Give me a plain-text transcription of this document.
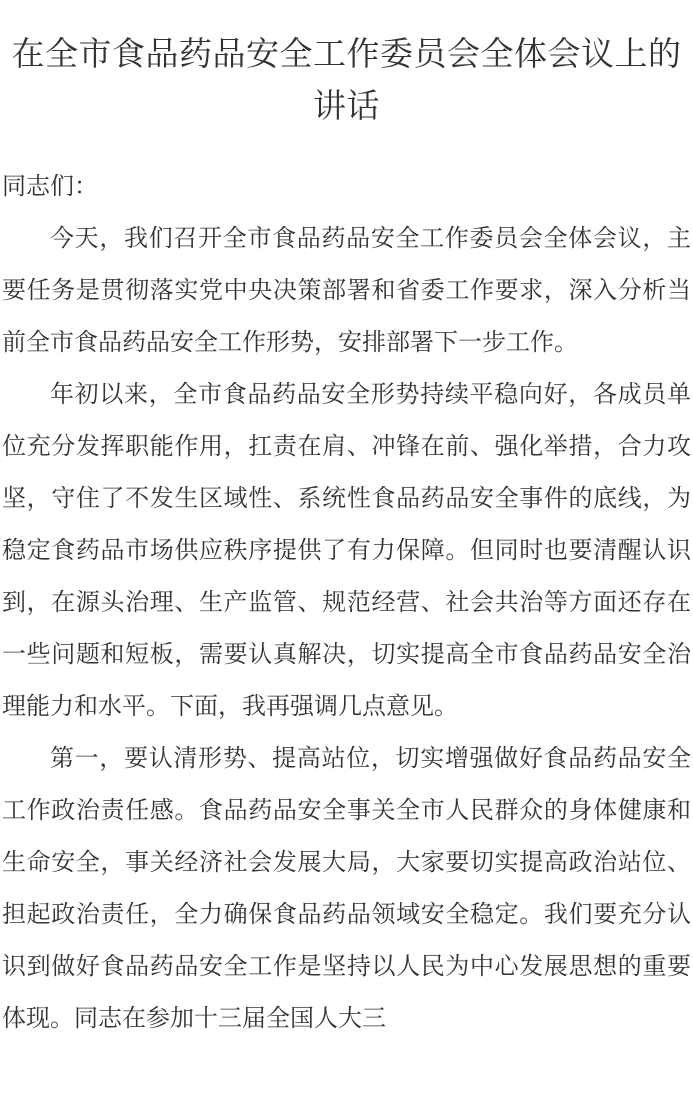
在全市食品药品安全工作委员会全体会议上的讲话

同志们：

今天，我们召开全市食品药品安全工作委员会全体会议，主要任务是贯彻落实党中央决策部署和省委工作要求，深入分析当前全市食品药品安全工作形势，安排部署下一步工作。

年初以来，全市食品药品安全形势持续平稳向好，各成员单位充分发挥职能作用，扛责在肩、冲锋在前、强化举措，合力攻坚，守住了不发生区域性、系统性食品药品安全事件的底线，为稳定食药品市场供应秩序提供了有力保障。但同时也要清醒认识到，在源头治理、生产监管、规范经营、社会共治等方面还存在一些问题和短板，需要认真解决，切实提高全市食品药品安全治理能力和水平。下面，我再强调几点意见。

第一，要认清形势、提高站位，切实增强做好食品药品安全工作政治责任感。食品药品安全事关全市人民群众的身体健康和生命安全，事关经济社会发展大局，大家要切实提高政治站位、担起政治责任，全力确保食品药品领域安全稳定。我们要充分认识到做好食品药品安全工作是坚持以人民为中心发展思想的重要体现。同志在参加十三届全国人大三
